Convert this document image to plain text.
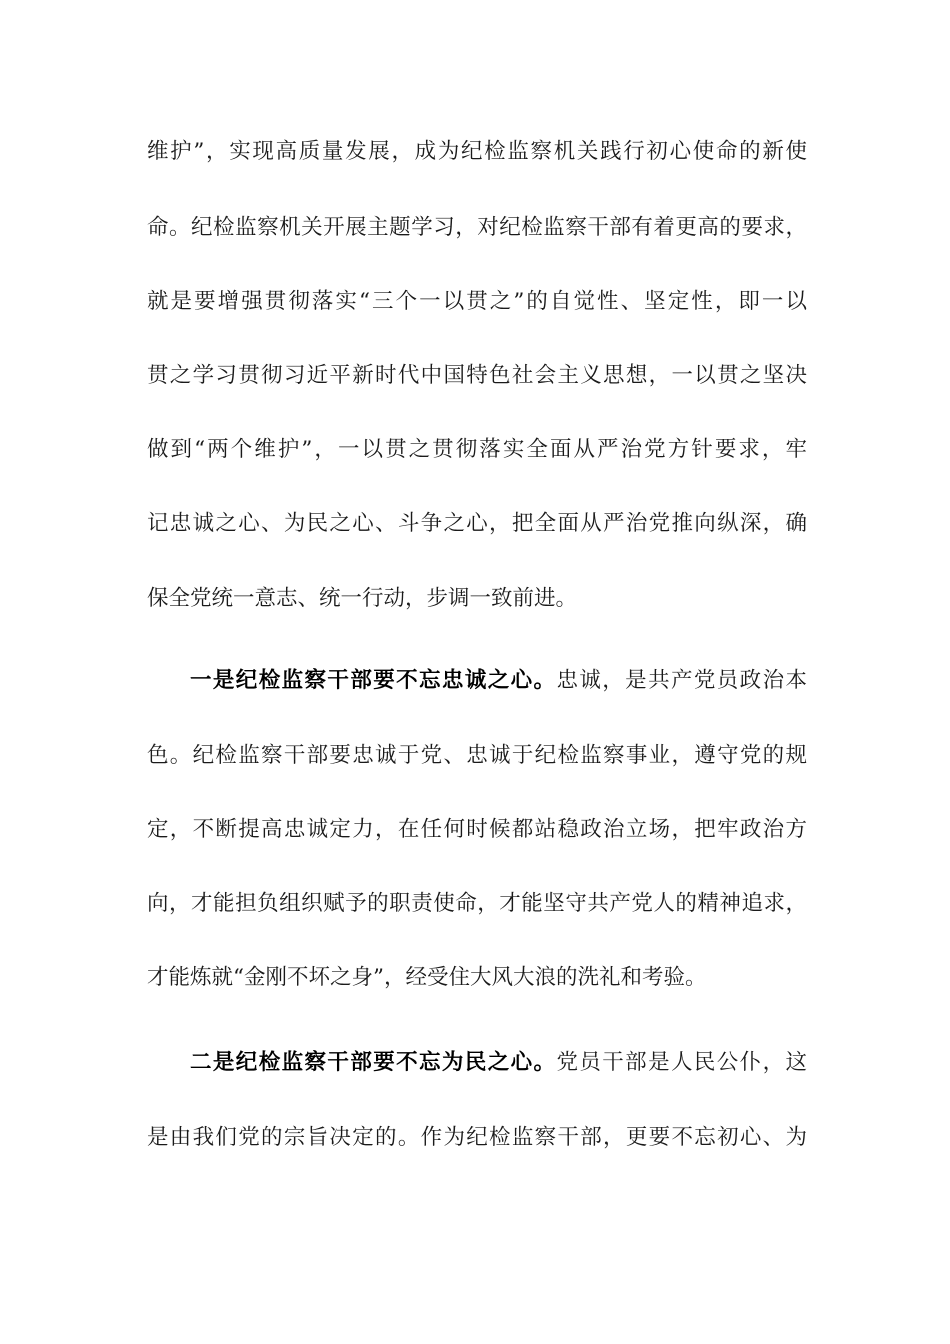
维护”，实现高质量发展，成为纪检监察机关践行初心使命的新使
命。纪检监察机关开展主题学习，对纪检监察干部有着更高的要求，
就是要增强贯彻落实“三个一以贯之”的自觉性、坚定性，即一以
贯之学习贯彻习近平新时代中国特色社会主义思想，一以贯之坚决
做到“两个维护”，一以贯之贯彻落实全面从严治党方针要求，牢
记忠诚之心、为民之心、斗争之心，把全面从严治党推向纵深，确
保全党统一意志、统一行动，步调一致前进。
一是纪检监察干部要不忘忠诚之心。忠诚，是共产党员政治本
色。纪检监察干部要忠诚于党、忠诚于纪检监察事业，遵守党的规
定，不断提高忠诚定力，在任何时候都站稳政治立场，把牢政治方
向，才能担负组织赋予的职责使命，才能坚守共产党人的精神追求，
才能炼就“金刚不坏之身”，经受住大风大浪的洗礼和考验。
二是纪检监察干部要不忘为民之心。党员干部是人民公仆，这
是由我们党的宗旨决定的。作为纪检监察干部，更要不忘初心、为
